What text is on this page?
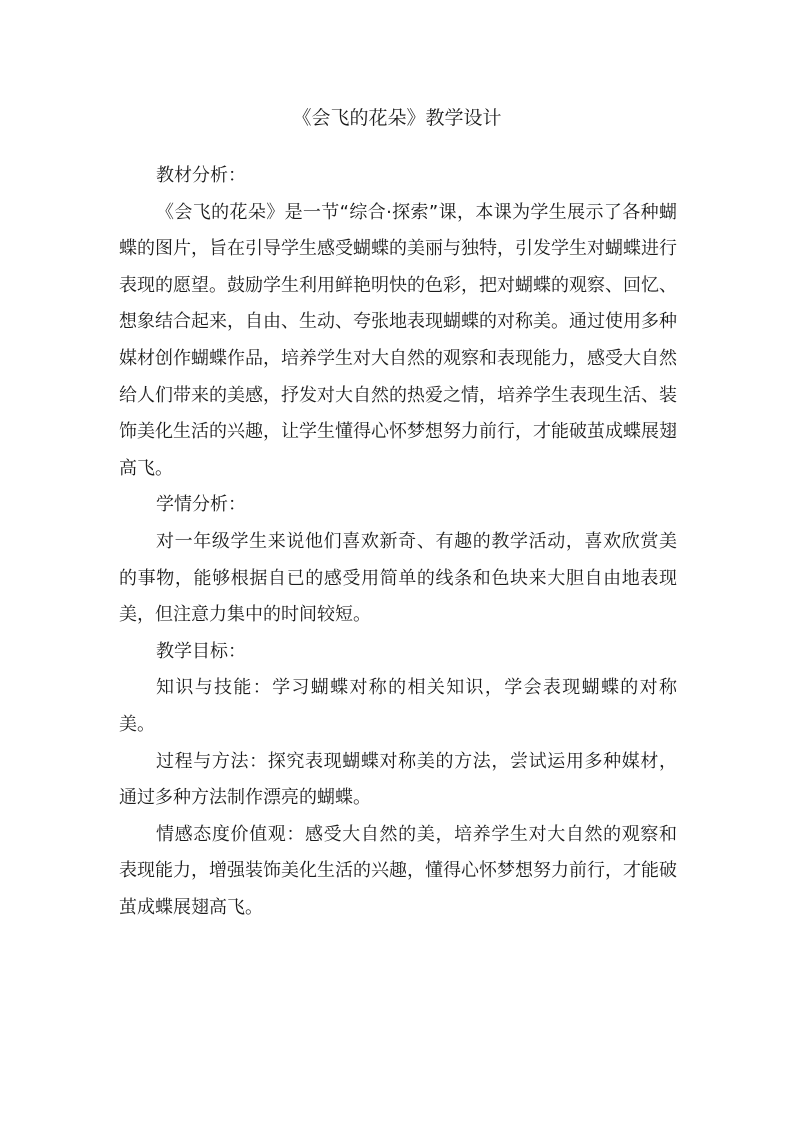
《会飞的花朵》教学设计

教材分析：

《会飞的花朵》是一节“综合·探索”课，本课为学生展示了各种蝴蝶的图片，旨在引导学生感受蝴蝶的美丽与独特，引发学生对蝴蝶进行表现的愿望。鼓励学生利用鲜艳明快的色彩，把对蝴蝶的观察、回忆、想象结合起来，自由、生动、夸张地表现蝴蝶的对称美。通过使用多种媒材创作蝴蝶作品，培养学生对大自然的观察和表现能力，感受大自然给人们带来的美感，抒发对大自然的热爱之情，培养学生表现生活、装饰美化生活的兴趣，让学生懂得心怀梦想努力前行，才能破茧成蝶展翅高飞。

学情分析：

对一年级学生来说他们喜欢新奇、有趣的教学活动，喜欢欣赏美的事物，能够根据自已的感受用简单的线条和色块来大胆自由地表现美，但注意力集中的时间较短。

教学目标：

知识与技能：学习蝴蝶对称的相关知识，学会表现蝴蝶的对称美。

过程与方法：探究表现蝴蝶对称美的方法，尝试运用多种媒材，通过多种方法制作漂亮的蝴蝶。

情感态度价值观：感受大自然的美，培养学生对大自然的观察和表现能力，增强装饰美化生活的兴趣，懂得心怀梦想努力前行，才能破茧成蝶展翅高飞。
